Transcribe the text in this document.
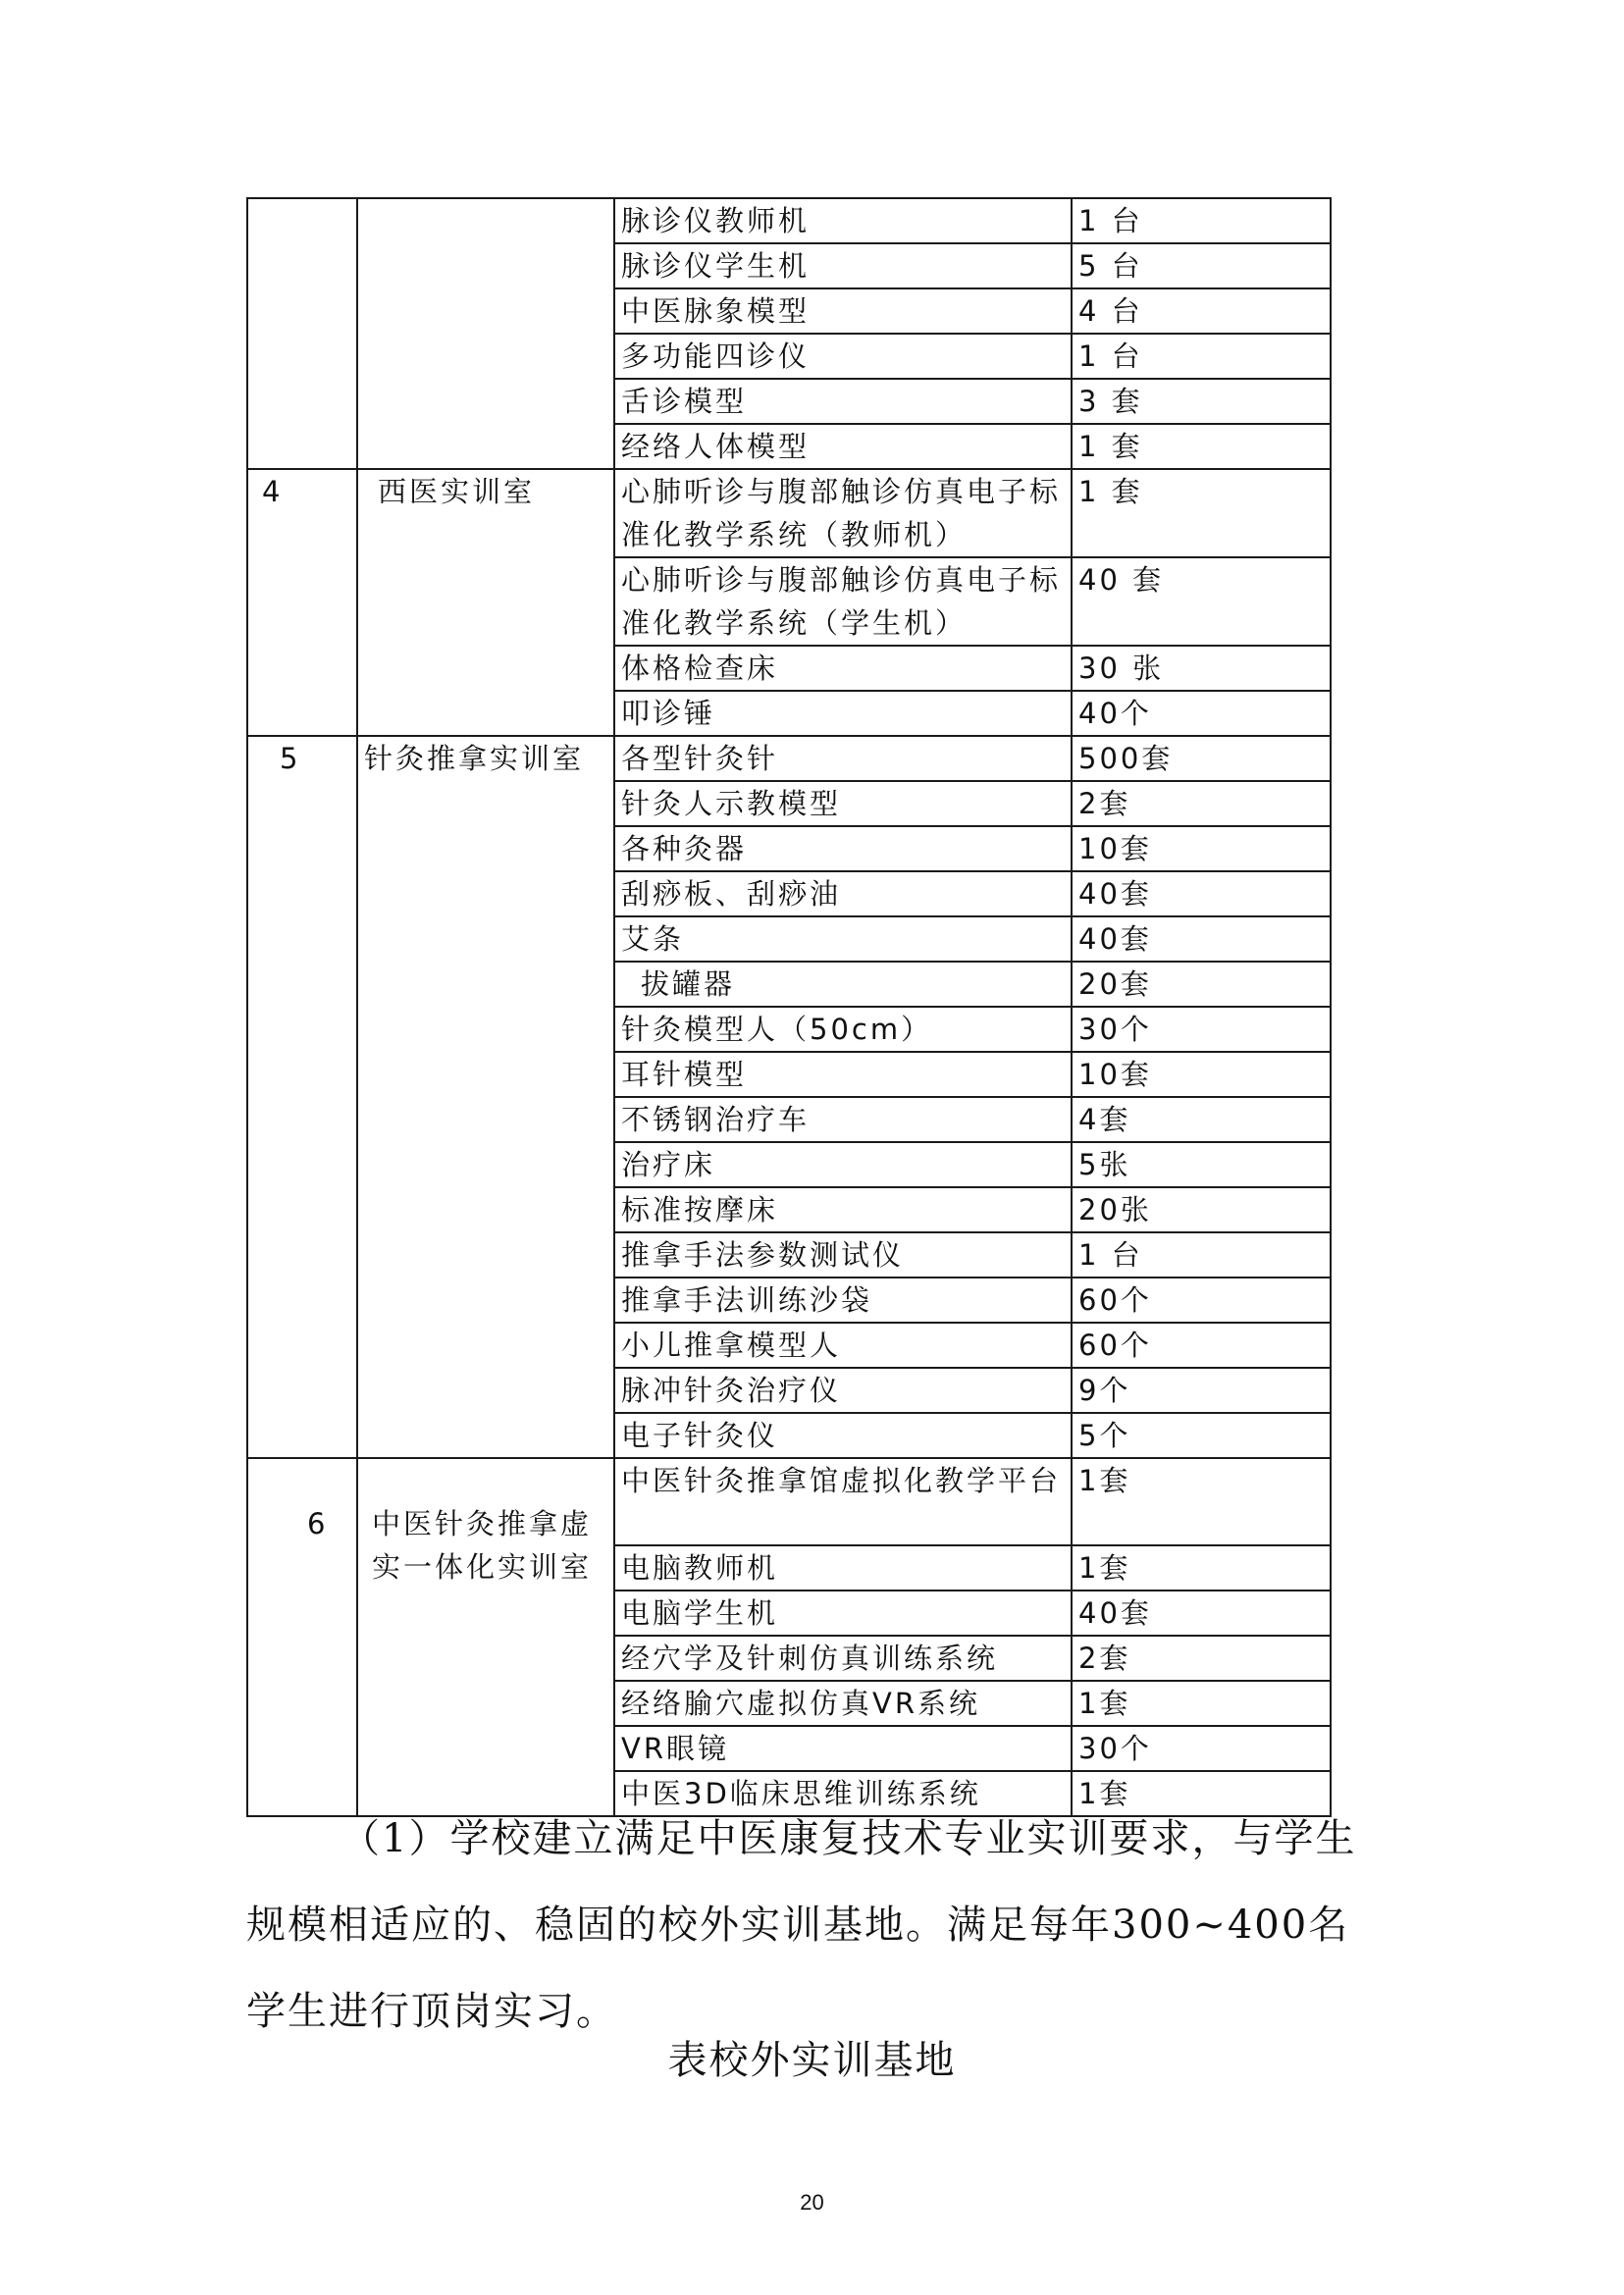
		脉诊仪教师机	1 台
		脉诊仪学生机	5 台
		中医脉象模型	4 台
		多功能四诊仪	1 台
		舌诊模型	3 套
		经络人体模型	1 套
4	西医实训室	心肺听诊与腹部触诊仿真电子标准化教学系统（教师机）	1 套
		心肺听诊与腹部触诊仿真电子标准化教学系统（学生机）	40 套
		体格检查床	30 张
		叩诊锤	40个
5	针灸推拿实训室	各型针灸针	500套
		针灸人示教模型	2套
		各种灸器	10套
		刮痧板、刮痧油	40套
		艾条	40套
		拔罐器	20套
		针灸模型人（50cm）	30个
		耳针模型	10套
		不锈钢治疗车	4套
		治疗床	5张
		标准按摩床	20张
		推拿手法参数测试仪	1 台
		推拿手法训练沙袋	60个
		小儿推拿模型人	60个
		脉冲针灸治疗仪	9个
		电子针灸仪	5个
6	中医针灸推拿虚实一体化实训室	中医针灸推拿馆虚拟化教学平台	1套
		电脑教师机	1套
		电脑学生机	40套
		经穴学及针刺仿真训练系统	2套
		经络腧穴虚拟仿真VR系统	1套
		VR眼镜	30个
		中医3D临床思维训练系统	1套
（1）学校建立满足中医康复技术专业实训要求，与学生规模相适应的、稳固的校外实训基地。满足每年300~400名学生进行顶岗实习。
表校外实训基地
20
